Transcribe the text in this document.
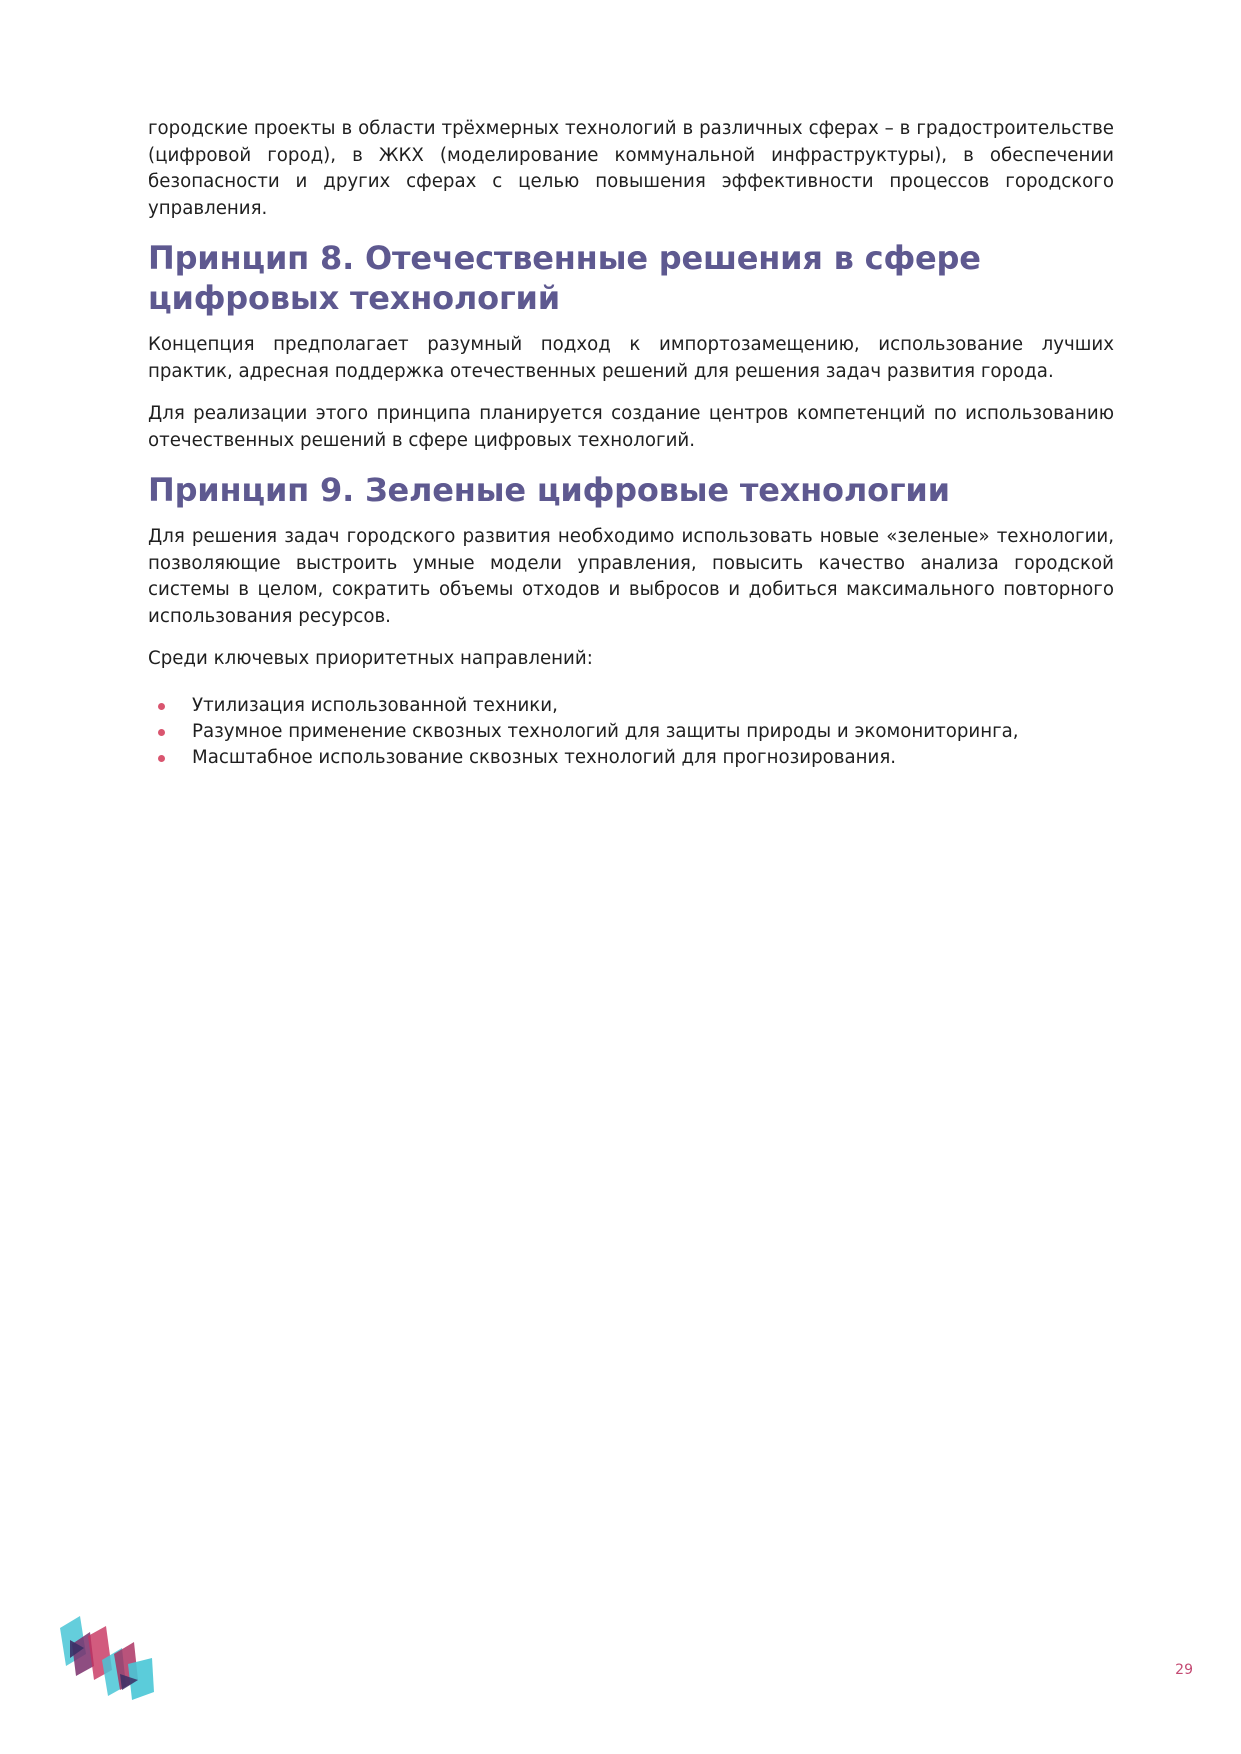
городские проекты в области трёхмерных технологий в различных сферах – в градостроительстве (цифровой город), в ЖКХ (моделирование коммунальной инфраструктуры), в обеспечении безопасности и других сферах с целью повышения эффективности процессов городского управления.

Принцип 8. Отечественные решения в сфере цифровых технологий

Концепция предполагает разумный подход к импортозамещению, использование лучших практик, адресная поддержка отечественных решений для решения задач развития города.

Для реализации этого принципа планируется создание центров компетенций по использованию отечественных решений в сфере цифровых технологий.

Принцип 9. Зеленые цифровые технологии

Для решения задач городского развития необходимо использовать новые «зеленые» технологии, позволяющие выстроить умные модели управления, повысить качество анализа городской системы в целом, сократить объемы отходов и выбросов и добиться максимального повторного использования ресурсов.

Среди ключевых приоритетных направлений:

Утилизация использованной техники,
Разумное применение сквозных технологий для защиты природы и экомониторинга,
Масштабное использование сквозных технологий для прогнозирования.
29
